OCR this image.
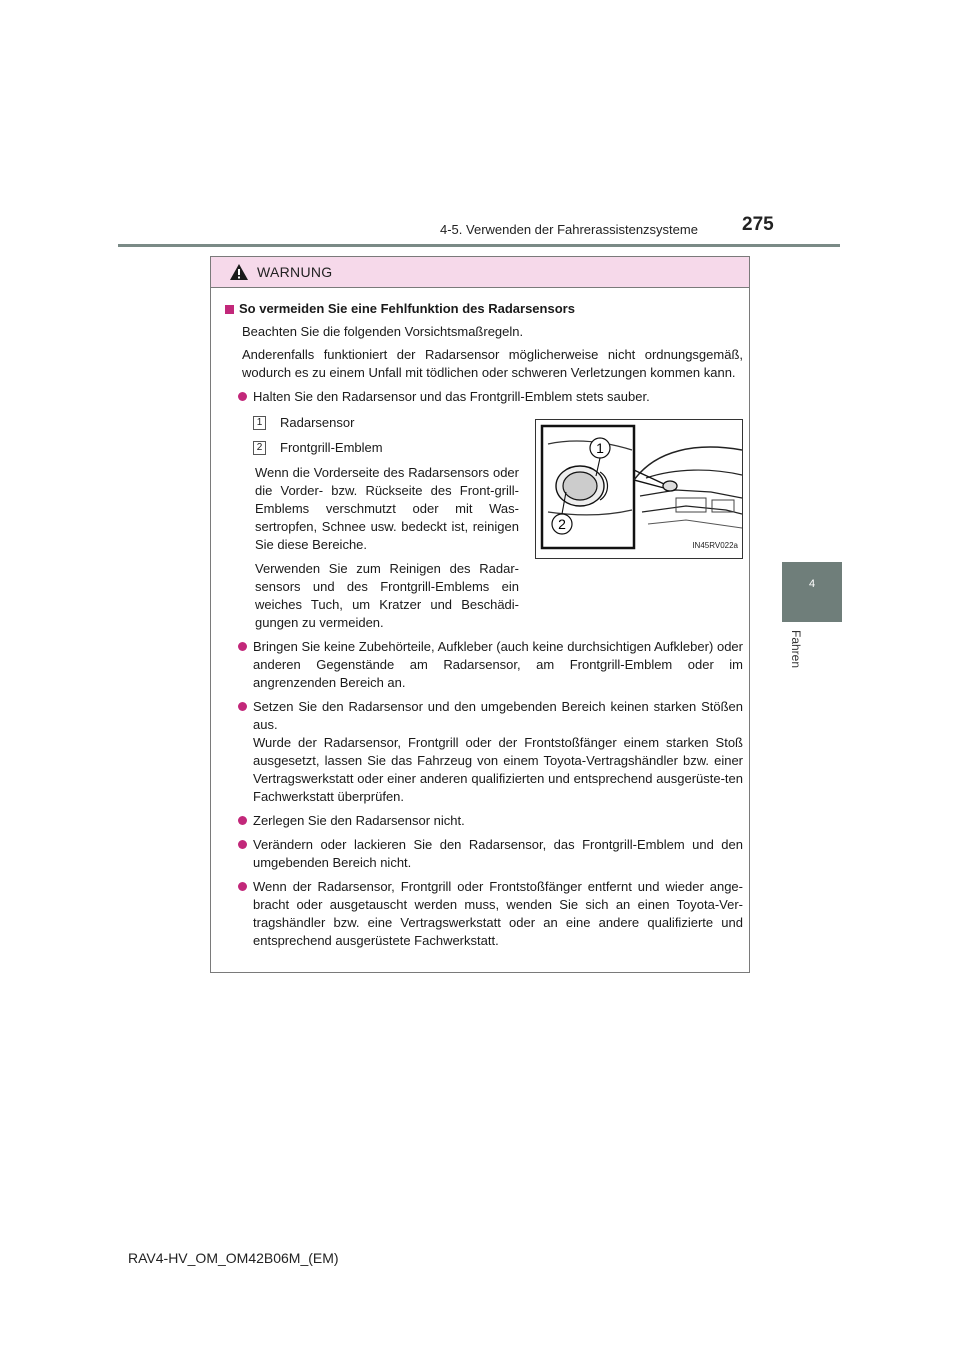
4-5. Verwenden der Fahrerassistenzsysteme 275
4
Fahren
WARNUNG
So vermeiden Sie eine Fehlfunktion des Radarsensors
Beachten Sie die folgenden Vorsichtsmaßregeln.
Anderenfalls funktioniert der Radarsensor möglicherweise nicht ordnungsgemäß, wodurch es zu einem Unfall mit tödlichen oder schweren Verletzungen kommen kann.
Halten Sie den Radarsensor und das Frontgrill-Emblem stets sauber.
1 Radarsensor
2 Frontgrill-Emblem
Wenn die Vorderseite des Radarsensors oder die Vorder- bzw. Rückseite des Front-grill-Emblems verschmutzt oder mit Was-sertropfen, Schnee usw. bedeckt ist, reinigen Sie diese Bereiche.
Verwenden Sie zum Reinigen des Radar-sensors und des Frontgrill-Emblems ein weiches Tuch, um Kratzer und Beschädi-gungen zu vermeiden.
1
2
IN45RV022a
Bringen Sie keine Zubehörteile, Aufkleber (auch keine durchsichtigen Aufkleber) oder anderen Gegenstände am Radarsensor, am Frontgrill-Emblem oder im angrenzenden Bereich an.
Setzen Sie den Radarsensor und den umgebenden Bereich keinen starken Stößen aus.
Wurde der Radarsensor, Frontgrill oder der Frontstoßfänger einem starken Stoß ausgesetzt, lassen Sie das Fahrzeug von einem Toyota-Vertragshändler bzw. einer Vertragswerkstatt oder einer anderen qualifizierten und entsprechend ausgerüste-ten Fachwerkstatt überprüfen.
Zerlegen Sie den Radarsensor nicht.
Verändern oder lackieren Sie den Radarsensor, das Frontgrill-Emblem und den umgebenden Bereich nicht.
Wenn der Radarsensor, Frontgrill oder Frontstoßfänger entfernt und wieder ange-bracht oder ausgetauscht werden muss, wenden Sie sich an einen Toyota-Ver-tragshändler bzw. eine Vertragswerkstatt oder an eine andere qualifizierte und entsprechend ausgerüstete Fachwerkstatt.
RAV4-HV_OM_OM42B06M_(EM)
